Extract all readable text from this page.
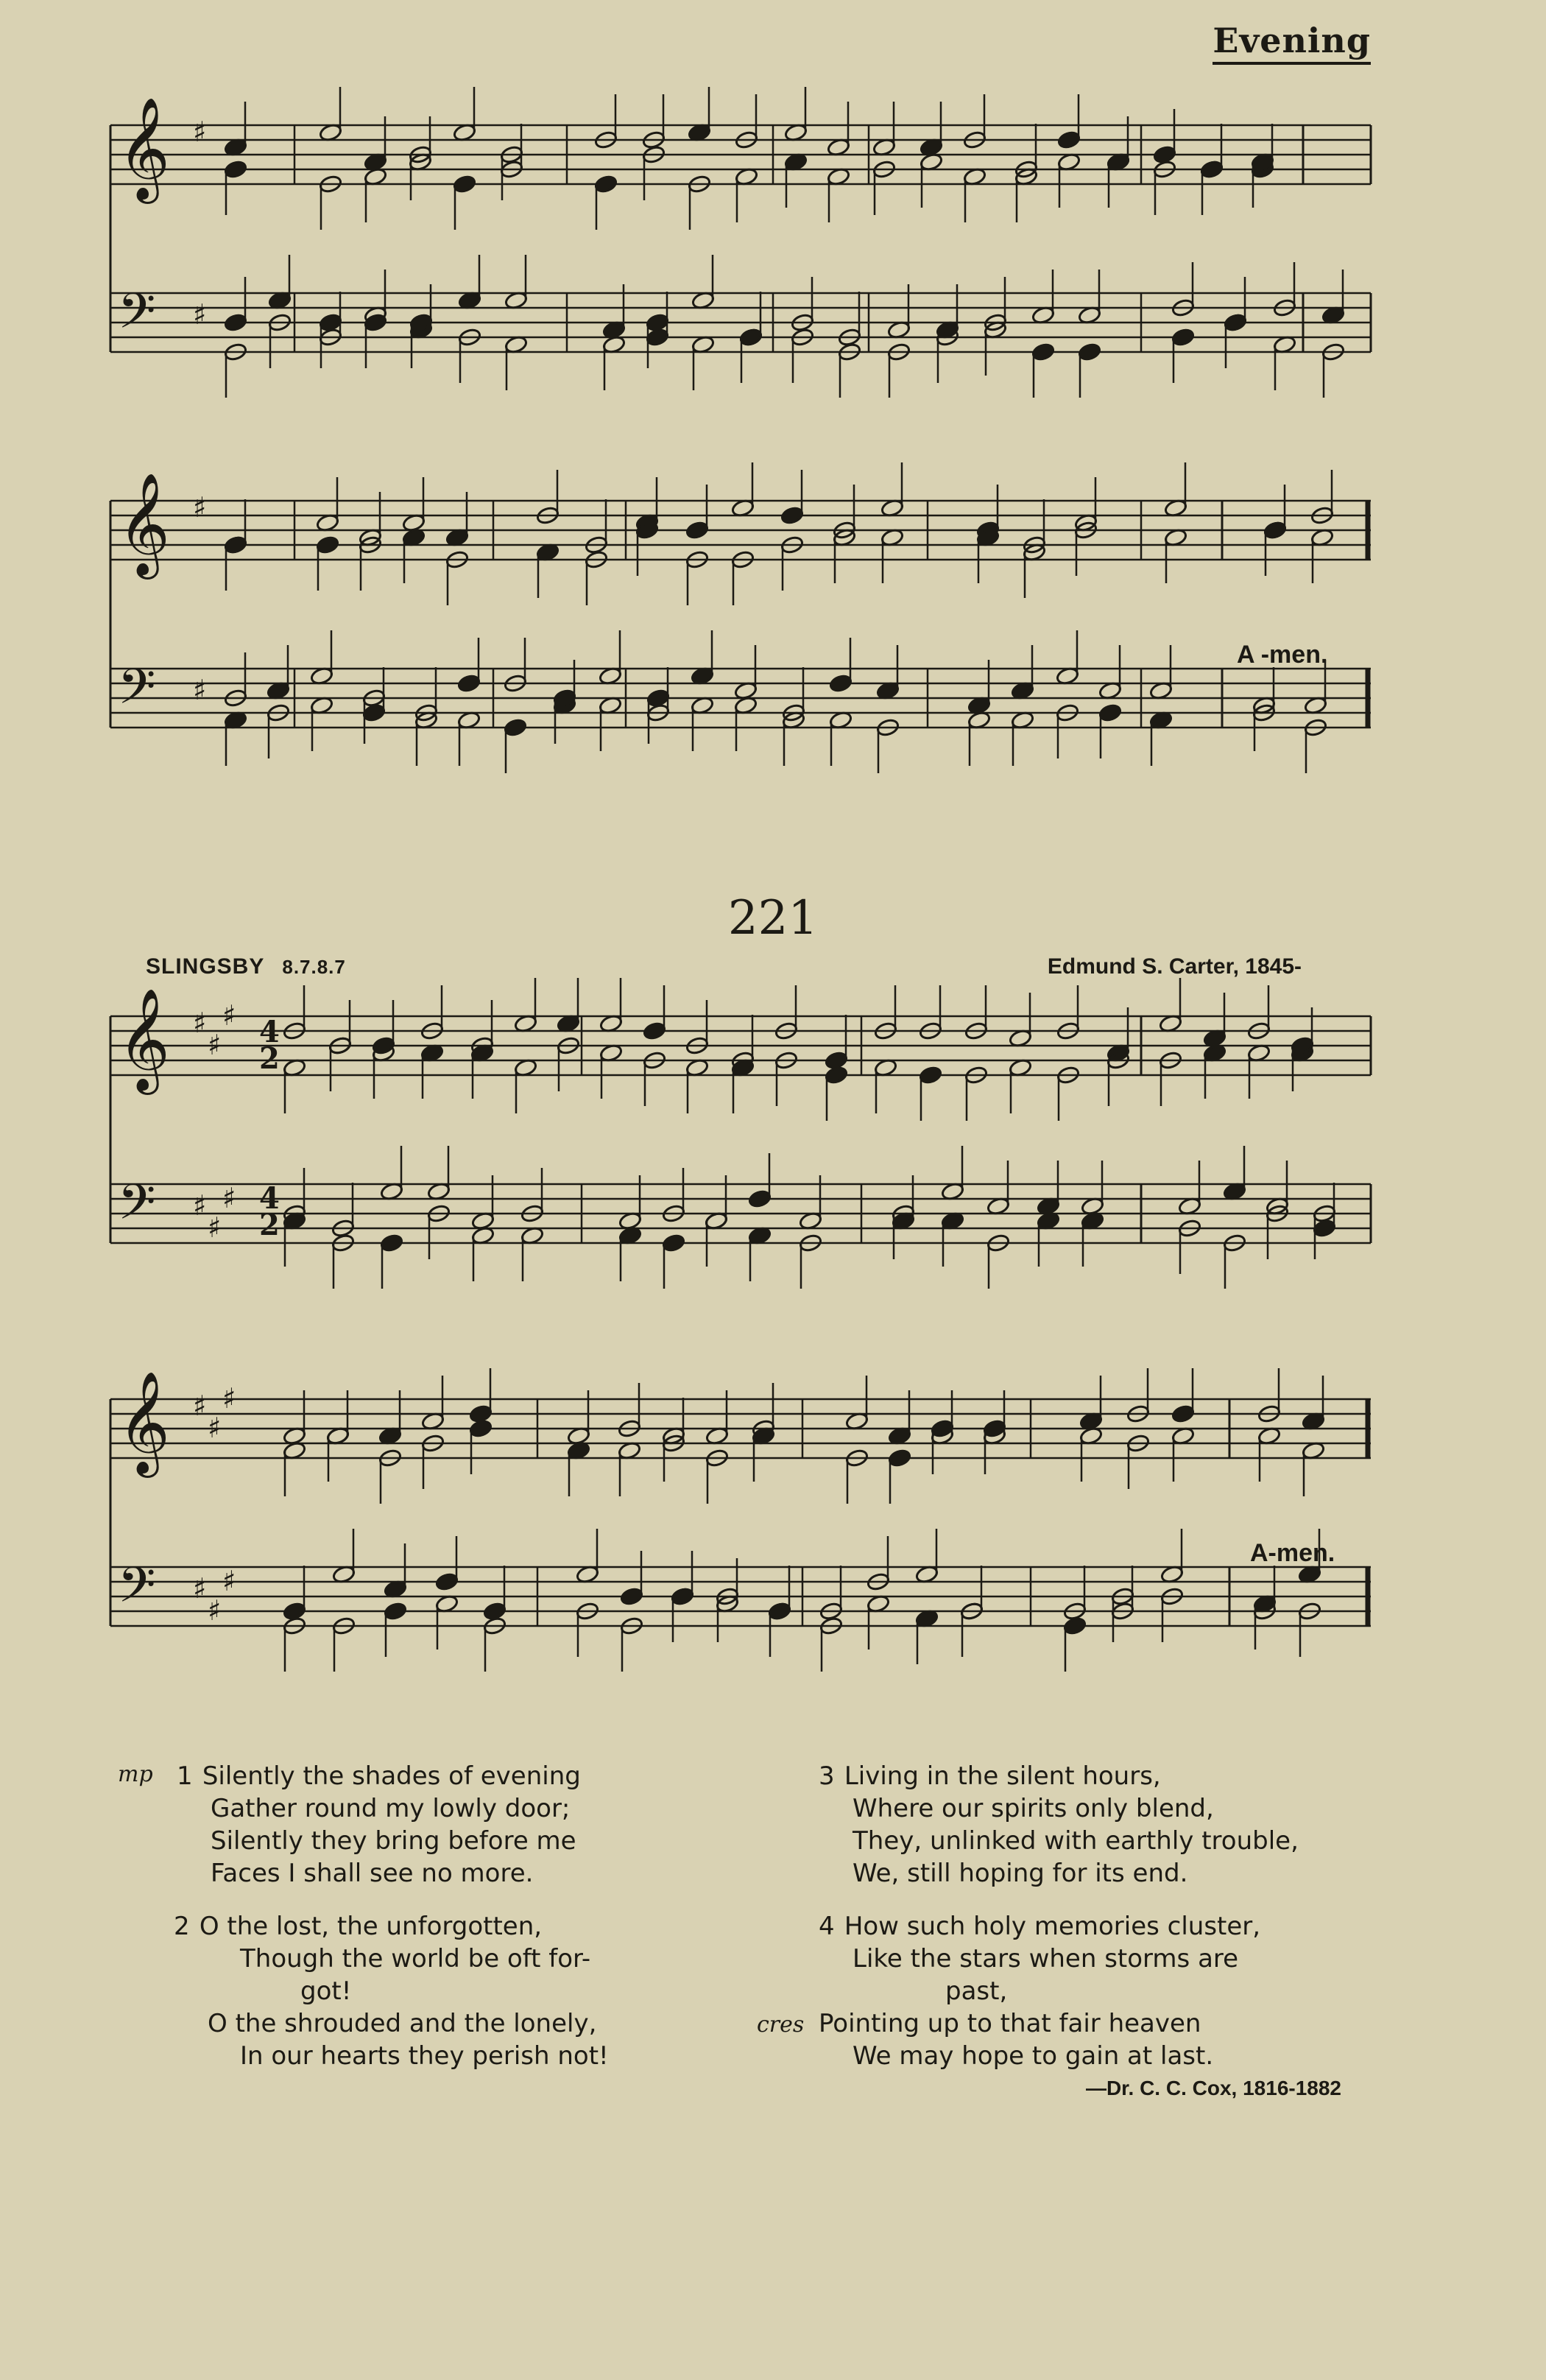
Evening
𝄞 ♯
𝄢 ♯
𝄞 ♯
𝄢 ♯
A -men.
221
SLINGSBY 8.7.8.7	Edmund S. Carter, 1845-
𝄞 ♯
♯
♯
𝄢 ♯
♯
♯
4
2
4
2
𝄞 ♯
♯
♯
𝄢 ♯
♯
♯
A-men.
mp 1 Silently the shades of evening
Gather round my lowly door;
Silently they bring before me
Faces I shall see no more.
2 O the lost, the unforgotten,
Though the world be oft for-
got!
O the shrouded and the lonely,
In our hearts they perish not!
cres
3 Living in the silent hours,
Where our spirits only blend,
They, unlinked with earthly trouble,
We, still hoping for its end.
4 How such holy memories cluster,
Like the stars when storms are
past,
Pointing up to that fair heaven
We may hope to gain at last.
—Dr. C. C. Cox, 1816-1882
